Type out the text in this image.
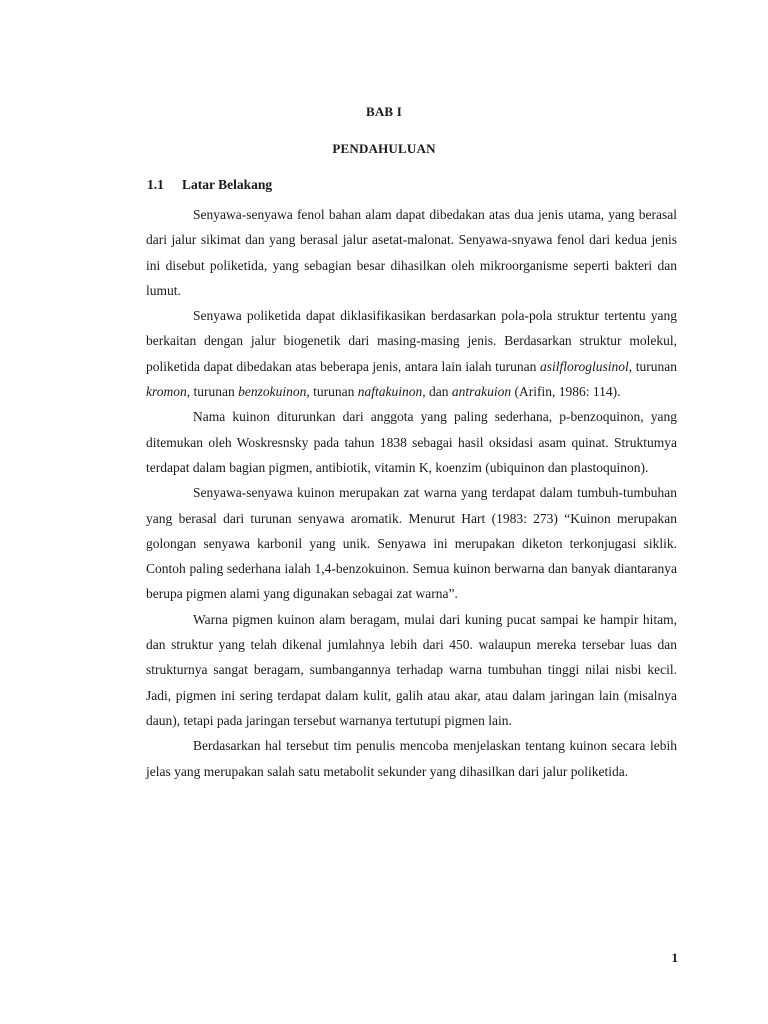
BAB I
PENDAHULUAN
1.1 Latar Belakang

Senyawa-senyawa fenol bahan alam dapat dibedakan atas dua jenis utama, yang berasal dari jalur sikimat dan yang berasal jalur asetat-malonat. Senyawa-snyawa fenol dari kedua jenis ini disebut poliketida, yang sebagian besar dihasilkan oleh mikroorganisme seperti bakteri dan lumut.

Senyawa poliketida dapat diklasifikasikan berdasarkan pola-pola struktur tertentu yang berkaitan dengan jalur biogenetik dari masing-masing jenis. Berdasarkan struktur molekul, poliketida dapat dibedakan atas beberapa jenis, antara lain ialah turunan asilfloroglusinol, turunan kromon, turunan benzokuinon, turunan naftakuinon, dan antrakuion (Arifin, 1986: 114).

Nama kuinon diturunkan dari anggota yang paling sederhana, p-benzoquinon, yang ditemukan oleh Woskresnsky pada tahun 1838 sebagai hasil oksidasi asam quinat. Struktumya terdapat dalam bagian pigmen, antibiotik, vitamin K, koenzim (ubiquinon dan plastoquinon).

Senyawa-senyawa kuinon merupakan zat warna yang terdapat dalam tumbuh-tumbuhan yang berasal dari turunan senyawa aromatik. Menurut Hart (1983: 273) “Kuinon merupakan golongan senyawa karbonil yang unik. Senyawa ini merupakan diketon terkonjugasi siklik. Contoh paling sederhana ialah 1,4-benzokuinon. Semua kuinon berwarna dan banyak diantaranya berupa pigmen alami yang digunakan sebagai zat warna”.

Warna pigmen kuinon alam beragam, mulai dari kuning pucat sampai ke hampir hitam, dan struktur yang telah dikenal jumlahnya lebih dari 450. walaupun mereka tersebar luas dan strukturnya sangat beragam, sumbangannya terhadap warna tumbuhan tinggi nilai nisbi kecil. Jadi, pigmen ini sering terdapat dalam kulit, galih atau akar, atau dalam jaringan lain (misalnya daun), tetapi pada jaringan tersebut warnanya tertutupi pigmen lain.

Berdasarkan hal tersebut tim penulis mencoba menjelaskan tentang kuinon secara lebih jelas yang merupakan salah satu metabolit sekunder yang dihasilkan dari jalur poliketida.

1
